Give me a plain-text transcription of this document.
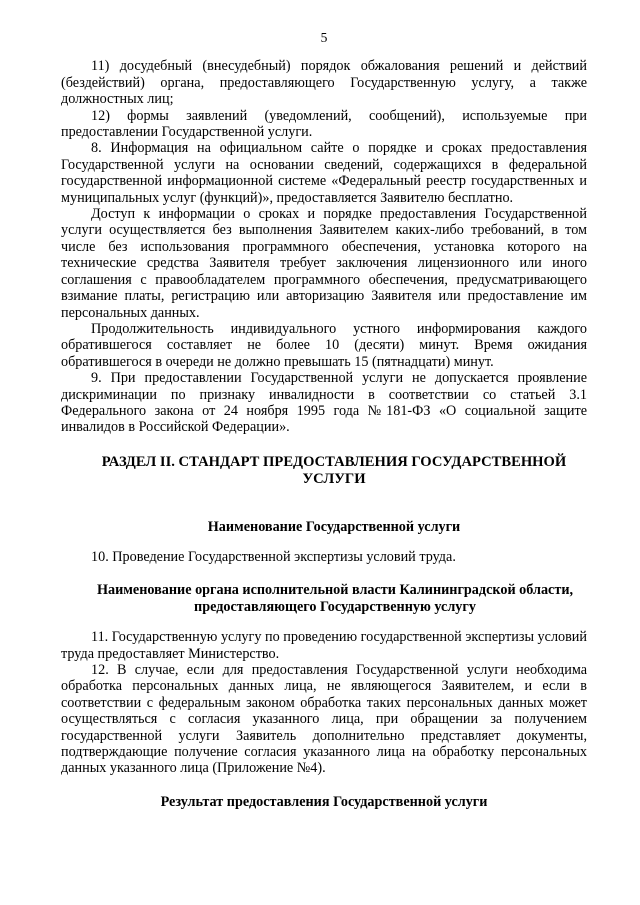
5

11) досудебный (внесудебный) порядок обжалования решений и действий (бездействий) органа, предоставляющего Государственную услугу, а также должностных лиц;

12) формы заявлений (уведомлений, сообщений), используемые при предоставлении Государственной услуги.

8. Информация на официальном сайте о порядке и сроках предоставления Государственной услуги на основании сведений, содержащихся в федеральной государственной информационной системе «Федеральный реестр государственных и муниципальных услуг (функций)», предоставляется Заявителю бесплатно.

Доступ к информации о сроках и порядке предоставления Государственной услуги осуществляется без выполнения Заявителем каких-либо требований, в том числе без использования программного обеспечения, установка которого на технические средства Заявителя требует заключения лицензионного или иного соглашения с правообладателем программного обеспечения, предусматривающего взимание платы, регистрацию или авторизацию Заявителя или предоставление им персональных данных.

Продолжительность индивидуального устного информирования каждого обратившегося составляет не более 10 (десяти) минут. Время ожидания обратившегося в очереди не должно превышать 15 (пятнадцати) минут.

9. При предоставлении Государственной услуги не допускается проявление дискриминации по признаку инвалидности в соответствии со статьей 3.1 Федерального закона от 24 ноября 1995 года №181-ФЗ «О социальной защите инвалидов в Российской Федерации».

РАЗДЕЛ II. СТАНДАРТ ПРЕДОСТАВЛЕНИЯ ГОСУДАРСТВЕННОЙ УСЛУГИ
Наименование Государственной услуги

10. Проведение Государственной экспертизы условий труда.

Наименование органа исполнительной власти Калининградской области, предоставляющего Государственную услугу

11. Государственную услугу по проведению государственной экспертизы условий труда предоставляет Министерство.

12. В случае, если для предоставления Государственной услуги необходима обработка персональных данных лица, не являющегося Заявителем, и если в соответствии с федеральным законом обработка таких персональных данных может осуществляться с согласия указанного лица, при обращении за получением государственной услуги Заявитель дополнительно представляет документы, подтверждающие получение согласия указанного лица на обработку персональных данных указанного лица (Приложение №4).

Результат предоставления Государственной услуги
